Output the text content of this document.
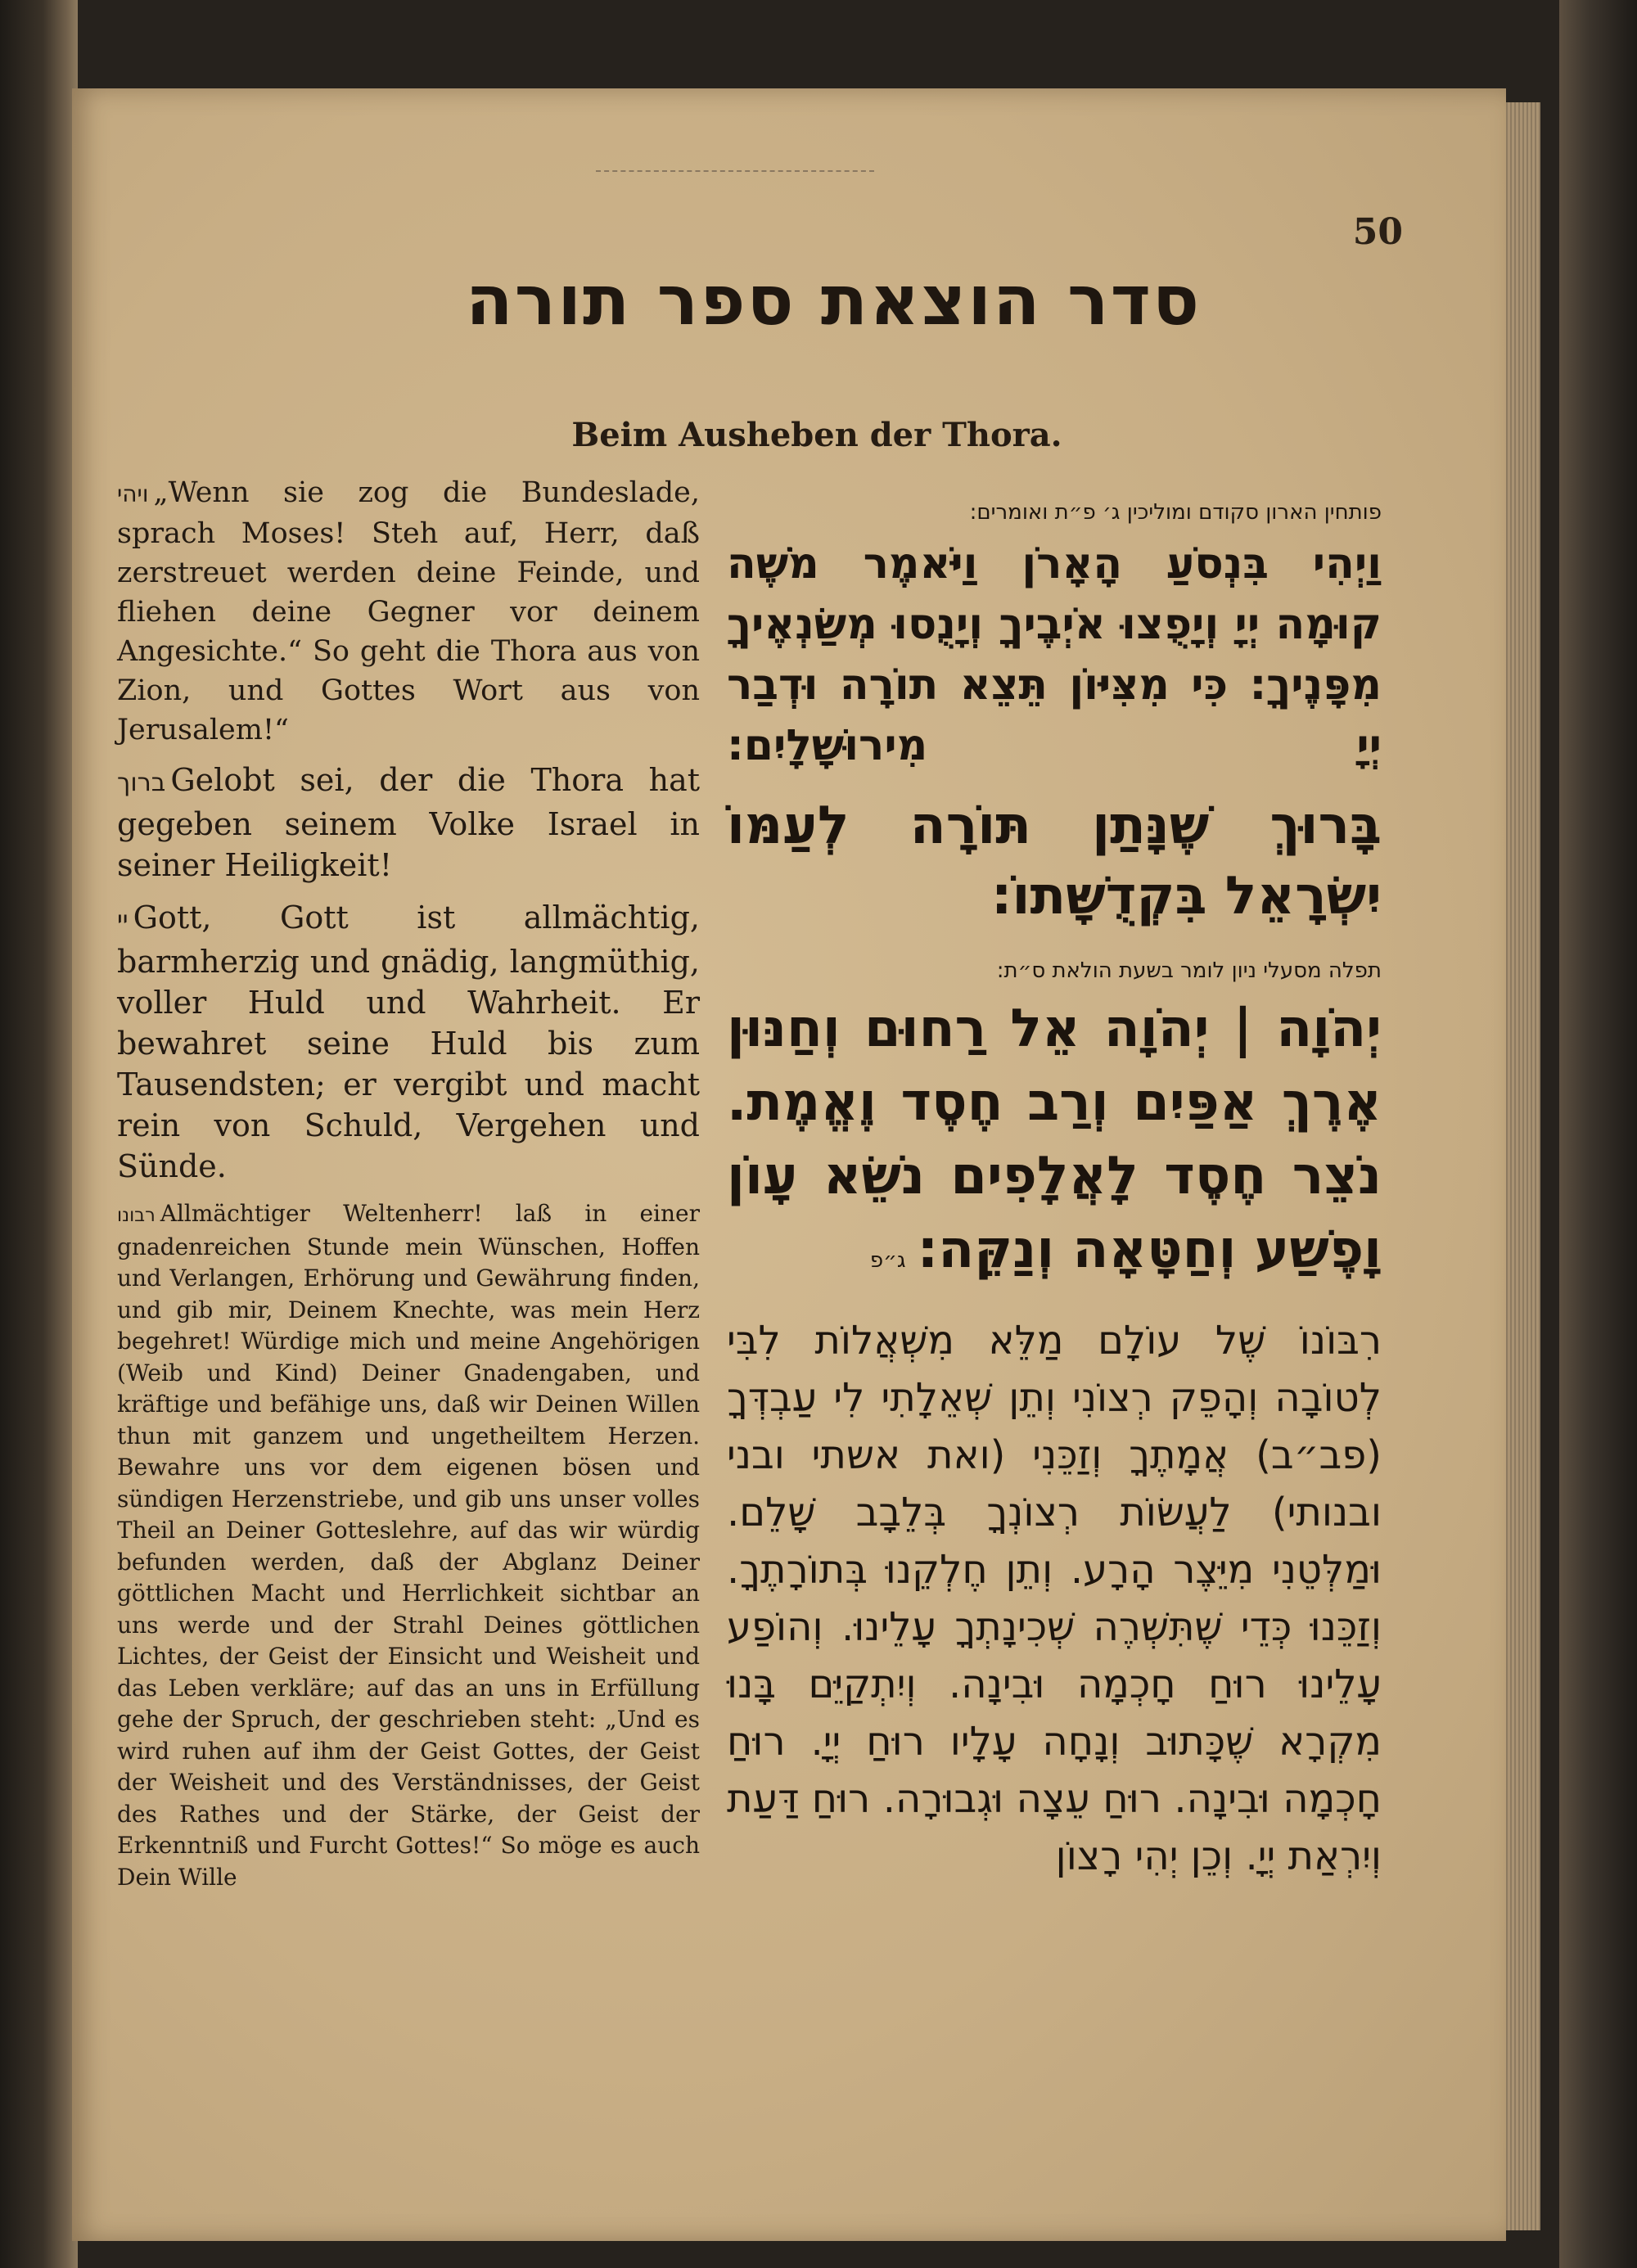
50
סדר הוצאת ספר תורה
Beim Ausheben der Thora.

ויהי „Wenn sie zog die Bundeslade, sprach Moses! Steh auf, Herr, daß zerstreuet werden deine Feinde, und fliehen deine Gegner vor deinem Angesichte.“ So geht die Thora aus von Zion, und Gottes Wort aus von Jerusalem!“

ברוך Gelobt sei, der die Thora hat gegeben seinem Volke Israel in seiner Heiligkeit!

יי Gott, Gott ist allmächtig, barmherzig und gnädig, langmüthig, voller Huld und Wahrheit. Er bewahret seine Huld bis zum Tausendsten; er vergibt und macht rein von Schuld, Vergehen und Sünde.

רבונו Allmächtiger Weltenherr! laß in einer gnadenreichen Stunde mein Wünschen, Hoffen und Verlangen, Erhörung und Gewährung finden, und gib mir, Deinem Knechte, was mein Herz begehret! Würdige mich und meine Angehörigen (Weib und Kind) Deiner Gnadengaben, und kräftige und befähige uns, daß wir Deinen Willen thun mit ganzem und ungetheiltem Herzen. Bewahre uns vor dem eigenen bösen und sündigen Herzenstriebe, und gib uns unser volles Theil an Deiner Gotteslehre, auf das wir würdig befunden werden, daß der Abglanz Deiner göttlichen Macht und Herrlichkeit sichtbar an uns werde und der Strahl Deines göttlichen Lichtes, der Geist der Einsicht und Weisheit und das Leben verkläre; auf das an uns in Erfüllung gehe der Spruch, der geschrieben steht: „Und es wird ruhen auf ihm der Geist Gottes, der Geist der Weisheit und des Verständnisses, der Geist des Rathes und der Stärke, der Geist der Erkenntniß und Furcht Gottes!“ So möge es auch Dein Wille

פותחין הארון סקודם ומוליכין ג׳ פ״ת ואומרים:

וַיְהִי בִּנְסֹעַ הָאָרֹן וַיֹּאמֶר מֹשֶׁה קוּמָה יְיָ וְיָפֻצוּ אֹיְבֶיךָ וְיָנֻסוּ מְשַׂנְאֶיךָ מִפָּנֶיךָ: כִּי מִצִּיּוֹן תֵּצֵא תוֹרָה וּדְבַר יְיָ מִירוּשָׁלָיִם:

בָּרוּךְ שֶׁנָּתַן תּוֹרָה לְעַמּוֹ יִשְׂרָאֵל בִּקְדֻשָּׁתוֹ:

תפלה מסעלי ניון לומר בשעת הולאת ס״ת:

יְהֹוָה | יְהֹוָה אֵל רַחוּם וְחַנּוּן אֶרֶךְ אַפַּיִם וְרַב חֶסֶד וֶאֱמֶת. נֹצֵר חֶסֶד לָאֲלָפִים נֹשֵׂא עָוֹן וָפֶשַׁע וְחַטָּאָה וְנַקֵּה:ג״פ

רִבּוֹנוֹ שֶׁל עוֹלָם מַלֵּא מִשְׁאֲלוֹת לִבִּי לְטוֹבָה וְהָפֵק רְצוֹנִי וְתֵן שְׁאֵלָתִי לִי עַבְדְּךָ (פב״ב) אֲמָתֶךָ וְזַכֵּנִי (ואת אשתי ובני ובנותי) לַעֲשׂוֹת רְצוֹנְךָ בְּלֵבָב שָׁלֵם. וּמַלְּטֵנִי מִיֵּצֶר הָרָע. וְתֵן חֶלְקֵנוּ בְּתוֹרָתֶךָ. וְזַכֵּנוּ כְּדֵי שֶׁתִּשְׁרֶה שְׁכִינָתְךָ עָלֵינוּ. וְהוֹפַע עָלֵינוּ רוּחַ חָכְמָה וּבִינָה. וְיִתְקַיֵּם בָּנוּ מִקְרָא שֶׁכָּתוּב וְנָחָה עָלָיו רוּחַ יְיָ. רוּחַ חָכְמָה וּבִינָה. רוּחַ עֵצָה וּגְבוּרָה. רוּחַ דַּעַת וְיִרְאַת יְיָ. וְכֵן יְהִי רָצוֹן
